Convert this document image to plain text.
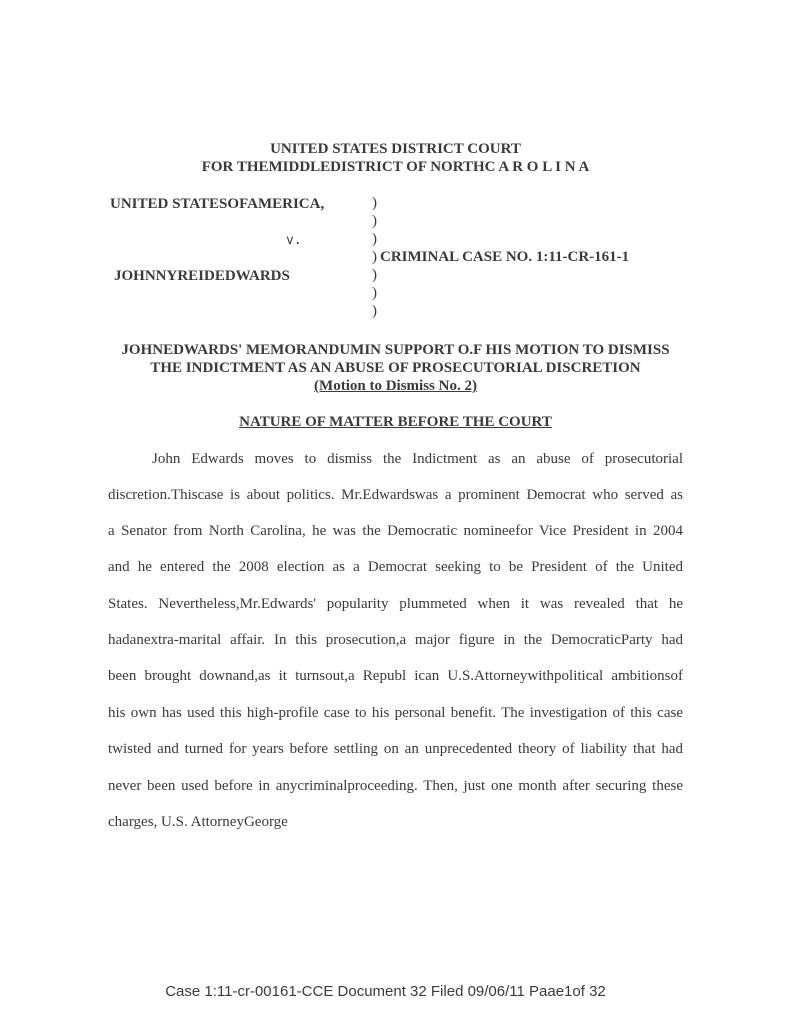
UNITED STATES DISTRICT COURT
FOR THEMIDDLEDISTRICT OF NORTHC A R O L I N A
UNITED STATESOFAMERICA,
v.
JOHNNYREIDEDWARDS
)
)
)
)
)
)
)
CRIMINAL CASE NO. 1:11-CR-161-1
JOHNEDWARDS' MEMORANDUMIN SUPPORT O.F HIS MOTION TO DISMISS
THE INDICTMENT AS AN ABUSE OF PROSECUTORIAL DISCRETION
(Motion to Dismiss No. 2)
NATURE OF MATTER BEFORE THE COURT
John Edwards moves to dismiss the Indictment as an abuse of prosecutorial
discretion.Thiscase is about politics. Mr.Edwardswas a prominent Democrat who served as
a Senator from North Carolina, he was the Democratic nomineefor Vice President in 2004
and he entered the 2008 election as a Democrat seeking to be President of the United
States. Nevertheless,Mr.Edwards' popularity plummeted when it was revealed that he
hadanextra-marital affair. In this prosecution,a major figure in the DemocraticParty had
been brought downand,as it turnsout,a Republ ican U.S.Attorneywithpolitical ambitionsof
his own has used this high-profile case to his personal benefit. The investigation of this case
twisted and turned for years before settling on an unprecedented theory of liability that had
never been used before in anycriminalproceeding. Then, just one month after securing these
charges, U.S. AttorneyGeorge
Case 1:11-cr-00161-CCE Document 32 Filed 09/06/11 Paae1of 32
